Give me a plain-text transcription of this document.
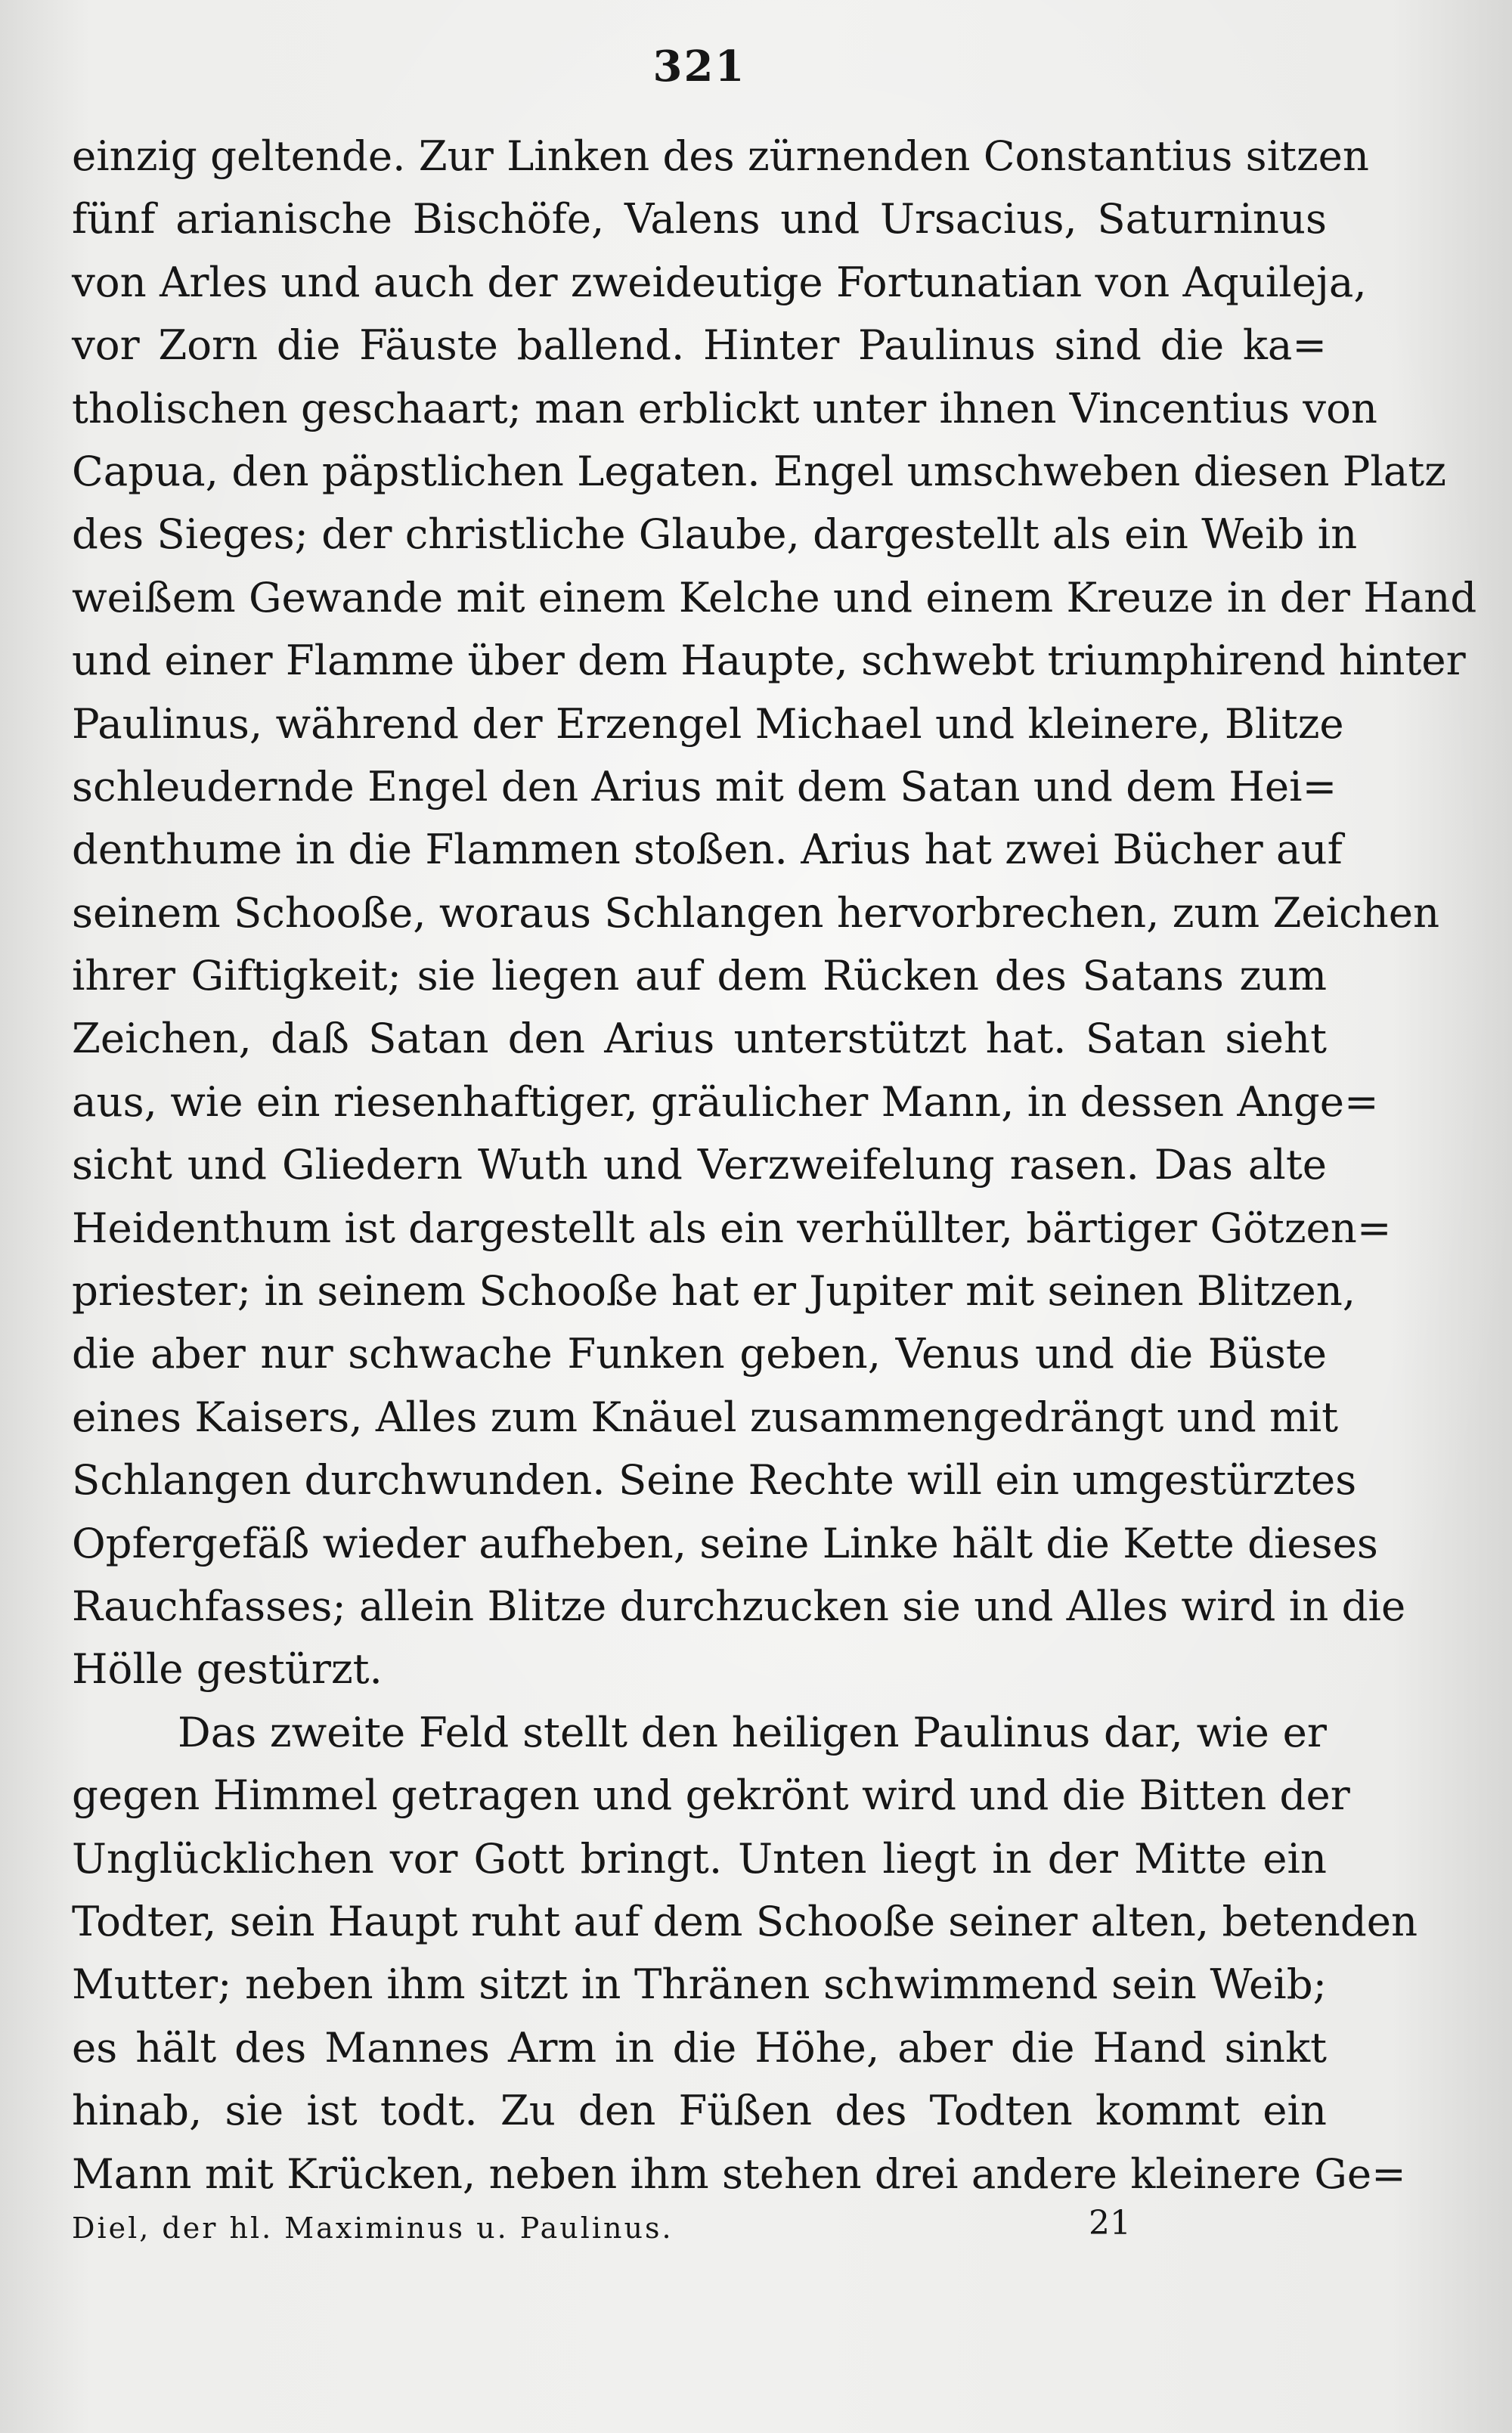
321
einzig geltende. Zur Linken des zürnenden Constantius sitzen
fünf arianische Bischöfe, Valens und Ursacius, Saturninus
von Arles und auch der zweideutige Fortunatian von Aquileja,
vor Zorn die Fäuste ballend. Hinter Paulinus sind die ka=
tholischen geschaart; man erblickt unter ihnen Vincentius von
Capua, den päpstlichen Legaten. Engel umschweben diesen Platz
des Sieges; der christliche Glaube, dargestellt als ein Weib in
weißem Gewande mit einem Kelche und einem Kreuze in der Hand
und einer Flamme über dem Haupte, schwebt triumphirend hinter
Paulinus, während der Erzengel Michael und kleinere, Blitze
schleudernde Engel den Arius mit dem Satan und dem Hei=
denthume in die Flammen stoßen. Arius hat zwei Bücher auf
seinem Schooße, woraus Schlangen hervorbrechen, zum Zeichen
ihrer Giftigkeit; sie liegen auf dem Rücken des Satans zum
Zeichen, daß Satan den Arius unterstützt hat. Satan sieht
aus, wie ein riesenhaftiger, gräulicher Mann, in dessen Ange=
sicht und Gliedern Wuth und Verzweifelung rasen. Das alte
Heidenthum ist dargestellt als ein verhüllter, bärtiger Götzen=
priester; in seinem Schooße hat er Jupiter mit seinen Blitzen,
die aber nur schwache Funken geben, Venus und die Büste
eines Kaisers, Alles zum Knäuel zusammengedrängt und mit
Schlangen durchwunden. Seine Rechte will ein umgestürztes
Opfergefäß wieder aufheben, seine Linke hält die Kette dieses
Rauchfasses; allein Blitze durchzucken sie und Alles wird in die
Hölle gestürzt.
Das zweite Feld stellt den heiligen Paulinus dar, wie er
gegen Himmel getragen und gekrönt wird und die Bitten der
Unglücklichen vor Gott bringt. Unten liegt in der Mitte ein
Todter, sein Haupt ruht auf dem Schooße seiner alten, betenden
Mutter; neben ihm sitzt in Thränen schwimmend sein Weib;
es hält des Mannes Arm in die Höhe, aber die Hand sinkt
hinab, sie ist todt. Zu den Füßen des Todten kommt ein
Mann mit Krücken, neben ihm stehen drei andere kleinere Ge=
Diel, der hl. Maximinus u. Paulinus.	21
